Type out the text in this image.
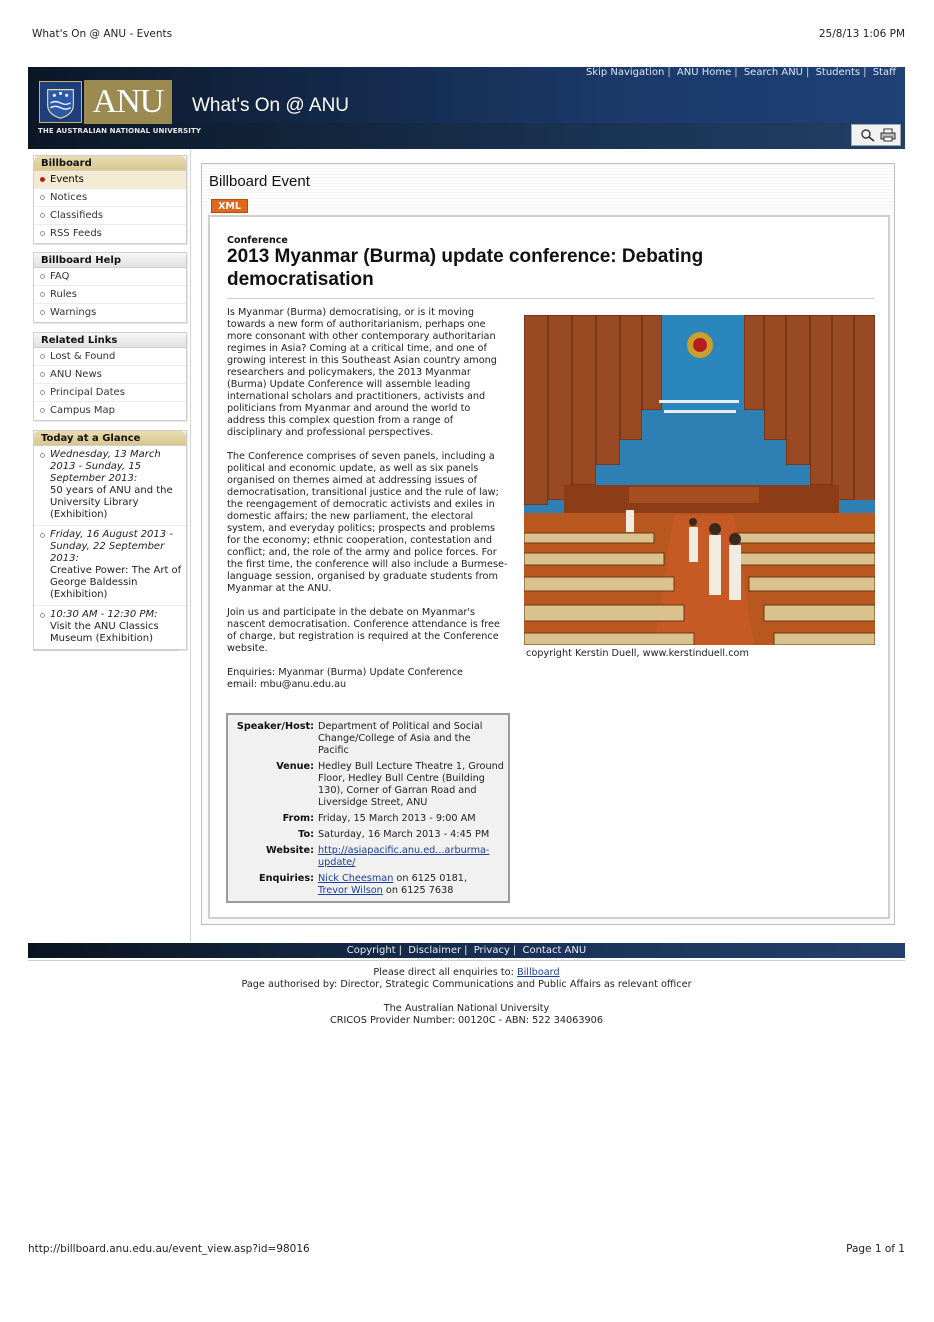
What's On @ ANU - Events	25/8/13 1:06 PM
http://billboard.anu.edu.au/event_view.asp?id=98016	Page 1 of 1
ANU
THE AUSTRALIAN NATIONAL UNIVERSITY
What's On @ ANU
Skip Navigation | ANU Home | Search ANU | Students | Staff
Billboard
Events
Notices
Classifieds
RSS Feeds
Billboard Help
FAQ
Rules
Warnings
Related Links
Lost & Found
ANU News
Principal Dates
Campus Map
Today at a Glance
Wednesday, 13 March 2013 - Sunday, 15 September 2013:
50 years of ANU and the University Library (Exhibition)
Friday, 16 August 2013 - Sunday, 22 September 2013:
Creative Power: The Art of George Baldessin (Exhibition)
10:30 AM - 12:30 PM:
Visit the ANU Classics Museum (Exhibition)
Billboard Event
XML
Conference
2013 Myanmar (Burma) update conference: Debating democratisation

Is Myanmar (Burma) democratising, or is it moving towards a new form of authoritarianism, perhaps one more consonant with other contemporary authoritarian regimes in Asia? Coming at a critical time, and one of growing interest in this Southeast Asian country among researchers and policymakers, the 2013 Myanmar (Burma) Update Conference will assemble leading international scholars and practitioners, activists and politicians from Myanmar and around the world to address this complex question from a range of disciplinary and professional perspectives.

The Conference comprises of seven panels, including a political and economic update, as well as six panels organised on themes aimed at addressing issues of democratisation, transitional justice and the rule of law; the reengagement of democratic activists and exiles in domestic affairs; the new parliament, the electoral system, and everyday politics; prospects and problems for the economy; ethnic cooperation, contestation and conflict; and, the role of the army and police forces. For the first time, the conference will also include a Burmese-language session, organised by graduate students from Myanmar at the ANU.

Join us and participate in the debate on Myanmar's nascent democratisation. Conference attendance is free of charge, but registration is required at the Conference website.

Enquiries: Myanmar (Burma) Update Conference
email: mbu@anu.edu.au
copyright Kerstin Duell, www.kerstinduell.com
Speaker/Host: Department of Political and Social Change/College of Asia and the Pacific
Venue: Hedley Bull Lecture Theatre 1, Ground Floor, Hedley Bull Centre (Building 130), Corner of Garran Road and Liversidge Street, ANU
From: Friday, 15 March 2013 - 9:00 AM
To: Saturday, 16 March 2013 - 4:45 PM
Website: http://asiapacific.anu.ed...arburma-update/
Enquiries: Nick Cheesman on 6125 0181,
Trevor Wilson on 6125 7638
Copyright | Disclaimer | Privacy | Contact ANU
Please direct all enquiries to: Billboard
Page authorised by: Director, Strategic Communications and Public Affairs as relevant officer
The Australian National University
CRICOS Provider Number: 00120C - ABN: 522 34063906
